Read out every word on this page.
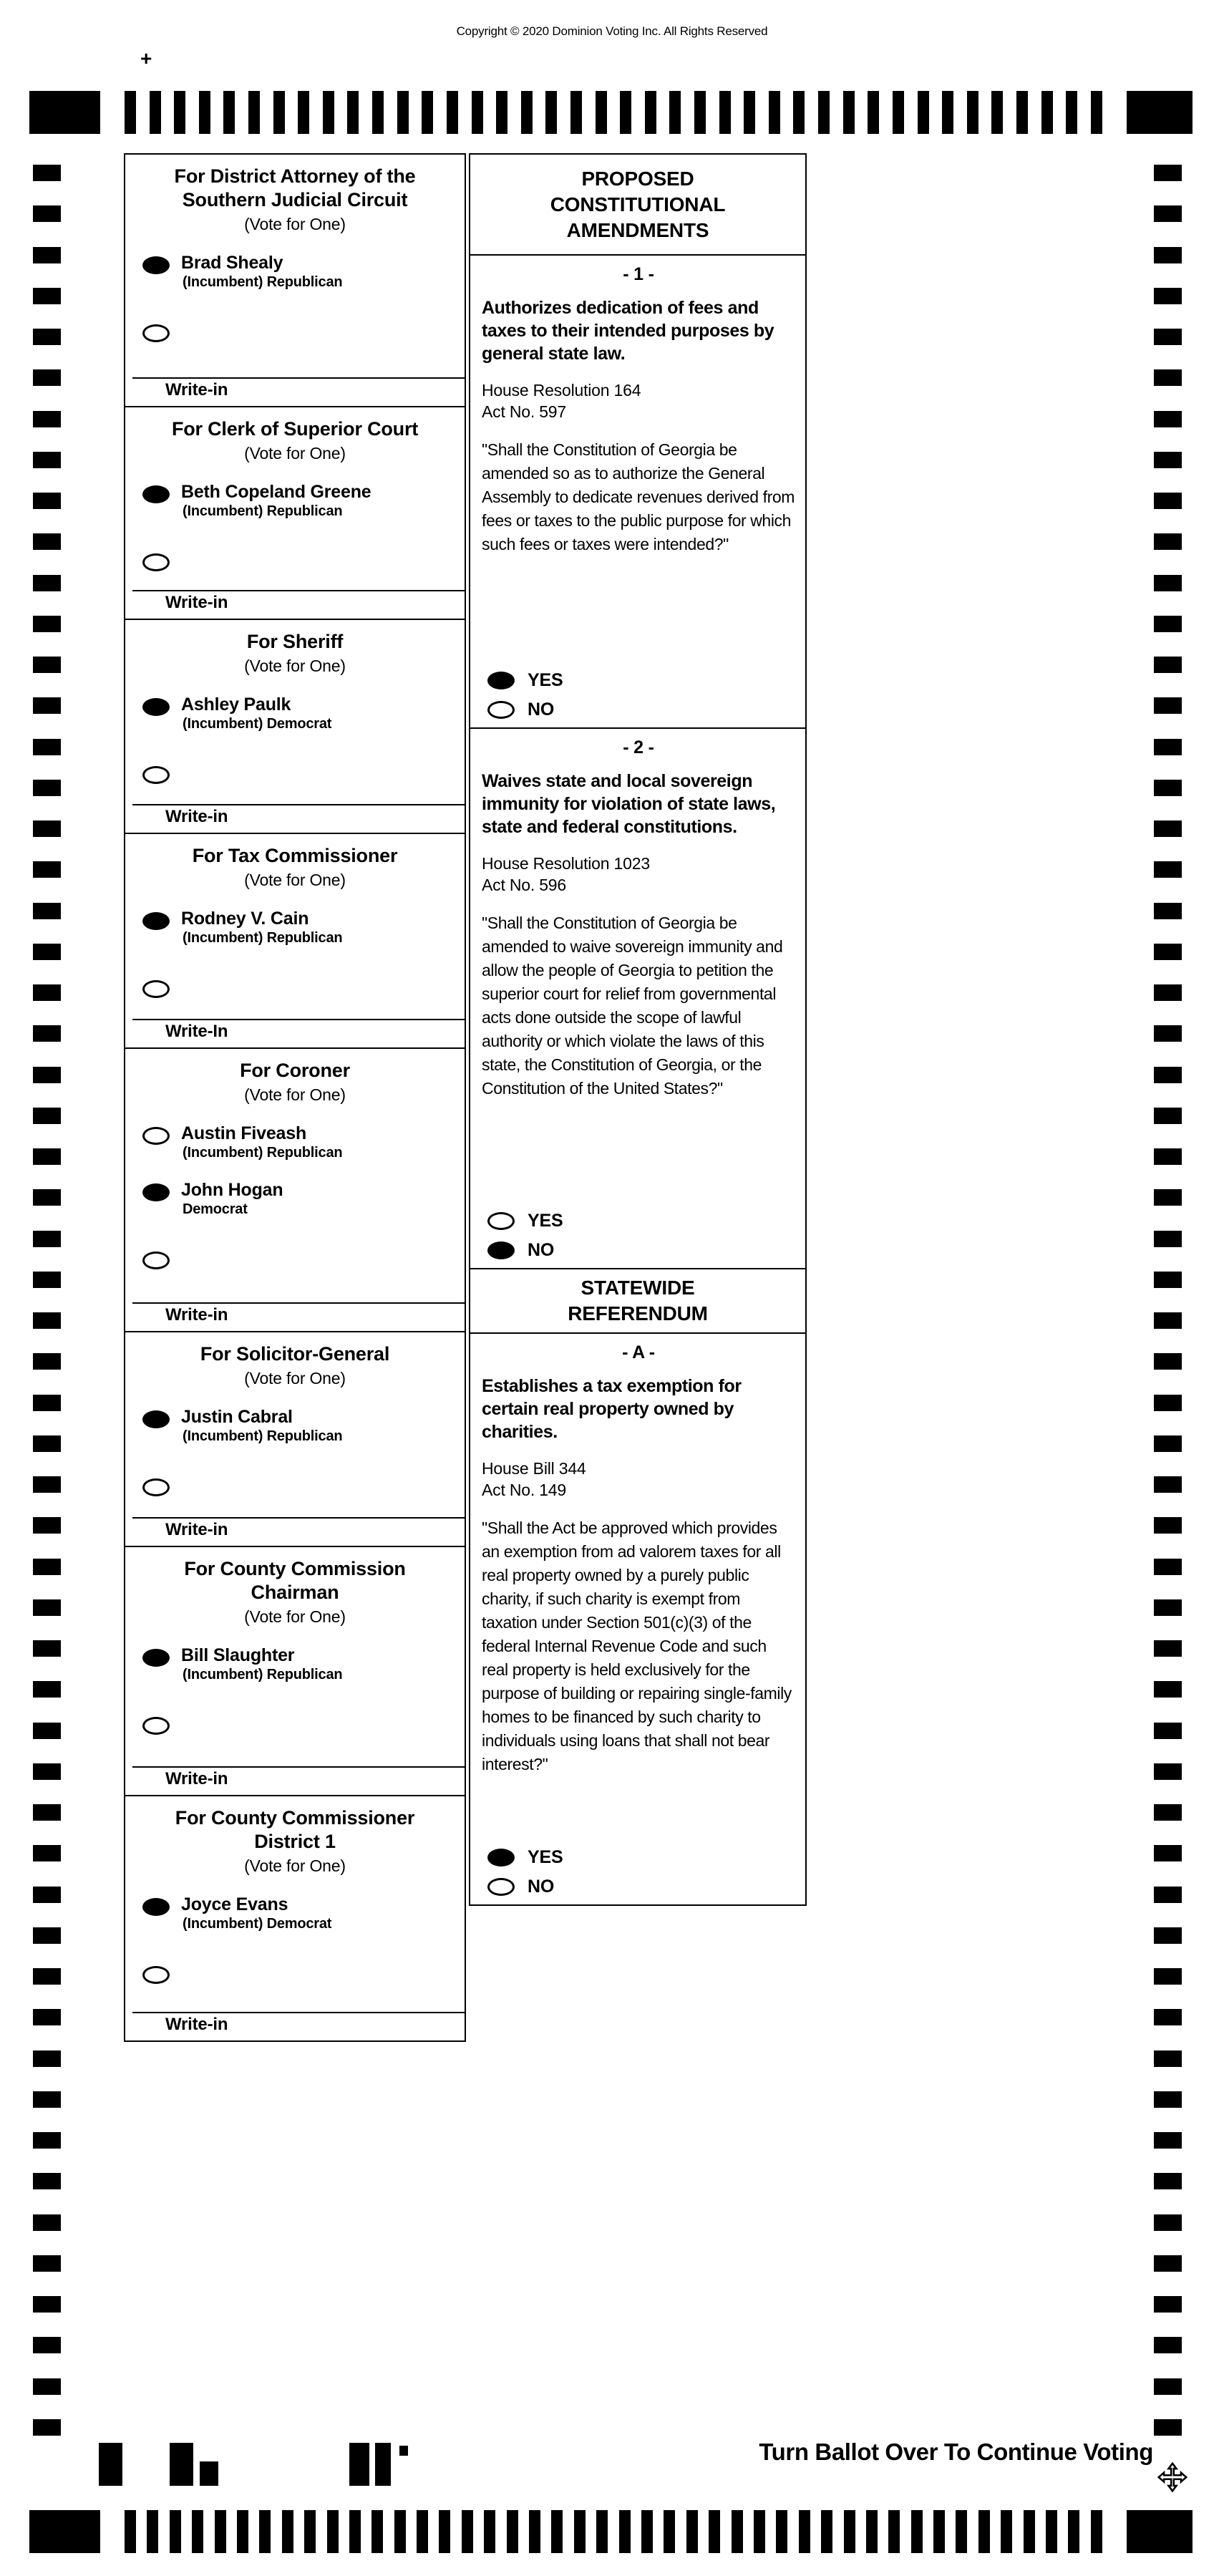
Copyright © 2020 Dominion Voting Inc. All Rights Reserved
+
For District Attorney of the
Southern Judicial Circuit
(Vote for One)
Brad Shealy
(Incumbent) Republican
Write-in
For Clerk of Superior Court
(Vote for One)
Beth Copeland Greene
(Incumbent) Republican
Write-in
For Sheriff
(Vote for One)
Ashley Paulk
(Incumbent) Democrat
Write-in
For Tax Commissioner
(Vote for One)
Rodney V. Cain
(Incumbent) Republican
Write-In
For Coroner
(Vote for One)
Austin Fiveash
(Incumbent) Republican
John Hogan
Democrat
Write-in
For Solicitor-General
(Vote for One)
Justin Cabral
(Incumbent) Republican
Write-in
For County Commission
Chairman
(Vote for One)
Bill Slaughter
(Incumbent) Republican
Write-in
For County Commissioner
District 1
(Vote for One)
Joyce Evans
(Incumbent) Democrat
Write-in
PROPOSED
CONSTITUTIONAL
AMENDMENTS
- 1 -
Authorizes dedication of fees and taxes to their intended purposes by general state law.
House Resolution 164
Act No. 597
"Shall the Constitution of Georgia be amended so as to authorize the General Assembly to dedicate revenues derived from fees or taxes to the public purpose for which such fees or taxes were intended?"
YES
NO
- 2 -
Waives state and local sovereign immunity for violation of state laws, state and federal constitutions.
House Resolution 1023
Act No. 596
"Shall the Constitution of Georgia be amended to waive sovereign immunity and allow the people of Georgia to petition the superior court for relief from governmental acts done outside the scope of lawful authority or which violate the laws of this state, the Constitution of Georgia, or the Constitution of the United States?"
YES
NO
STATEWIDE
REFERENDUM
- A -
Establishes a tax exemption for certain real property owned by charities.
House Bill 344
Act No. 149
"Shall the Act be approved which provides an exemption from ad valorem taxes for all real property owned by a purely public charity, if such charity is exempt from taxation under Section 501(c)(3) of the federal Internal Revenue Code and such real property is held exclusively for the purpose of building or repairing single-family homes to be financed by such charity to individuals using loans that shall not bear interest?"
YES
NO
Turn Ballot Over To Continue Voting
